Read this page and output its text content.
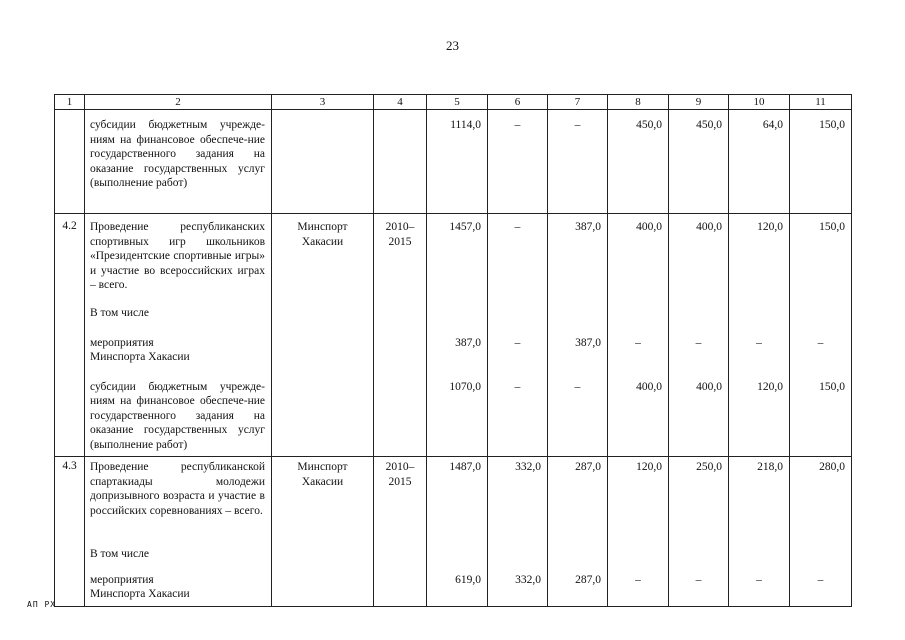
23
1	2	3	4	5	6	7	8	9	10	11

	субсидии бюджетным учрежде-ниям на финансовое обеспече-ние государственного задания на оказание государственных услуг (выполнение работ)			1114,0	–	–	450,0	450,0	64,0	150,0
4.2	Проведение республиканских спортивных игр школьников «Президентские спортивные игры» и участие во всероссийских играх – всего.	Минспорт Хакасии	2010–2015	1457,0	–	387,0	400,0	400,0	120,0	150,0
	В том числе									
	мероприятия Минспорта Хакасии			387,0	–	387,0	–	–	–	–
	субсидии бюджетным учрежде-ниям на финансовое обеспече-ние государственного задания на оказание государственных услуг (выполнение работ)			1070,0	–	–	400,0	400,0	120,0	150,0
4.3	Проведение республиканской спартакиады молодежи допризывного возраста и участие в российских соревнованиях – всего.	Минспорт Хакасии	2010–2015	1487,0	332,0	287,0	120,0	250,0	218,0	280,0
	В том числе									
	мероприятия Минспорта Хакасии			619,0	332,0	287,0	–	–	–	–
АП РХ
